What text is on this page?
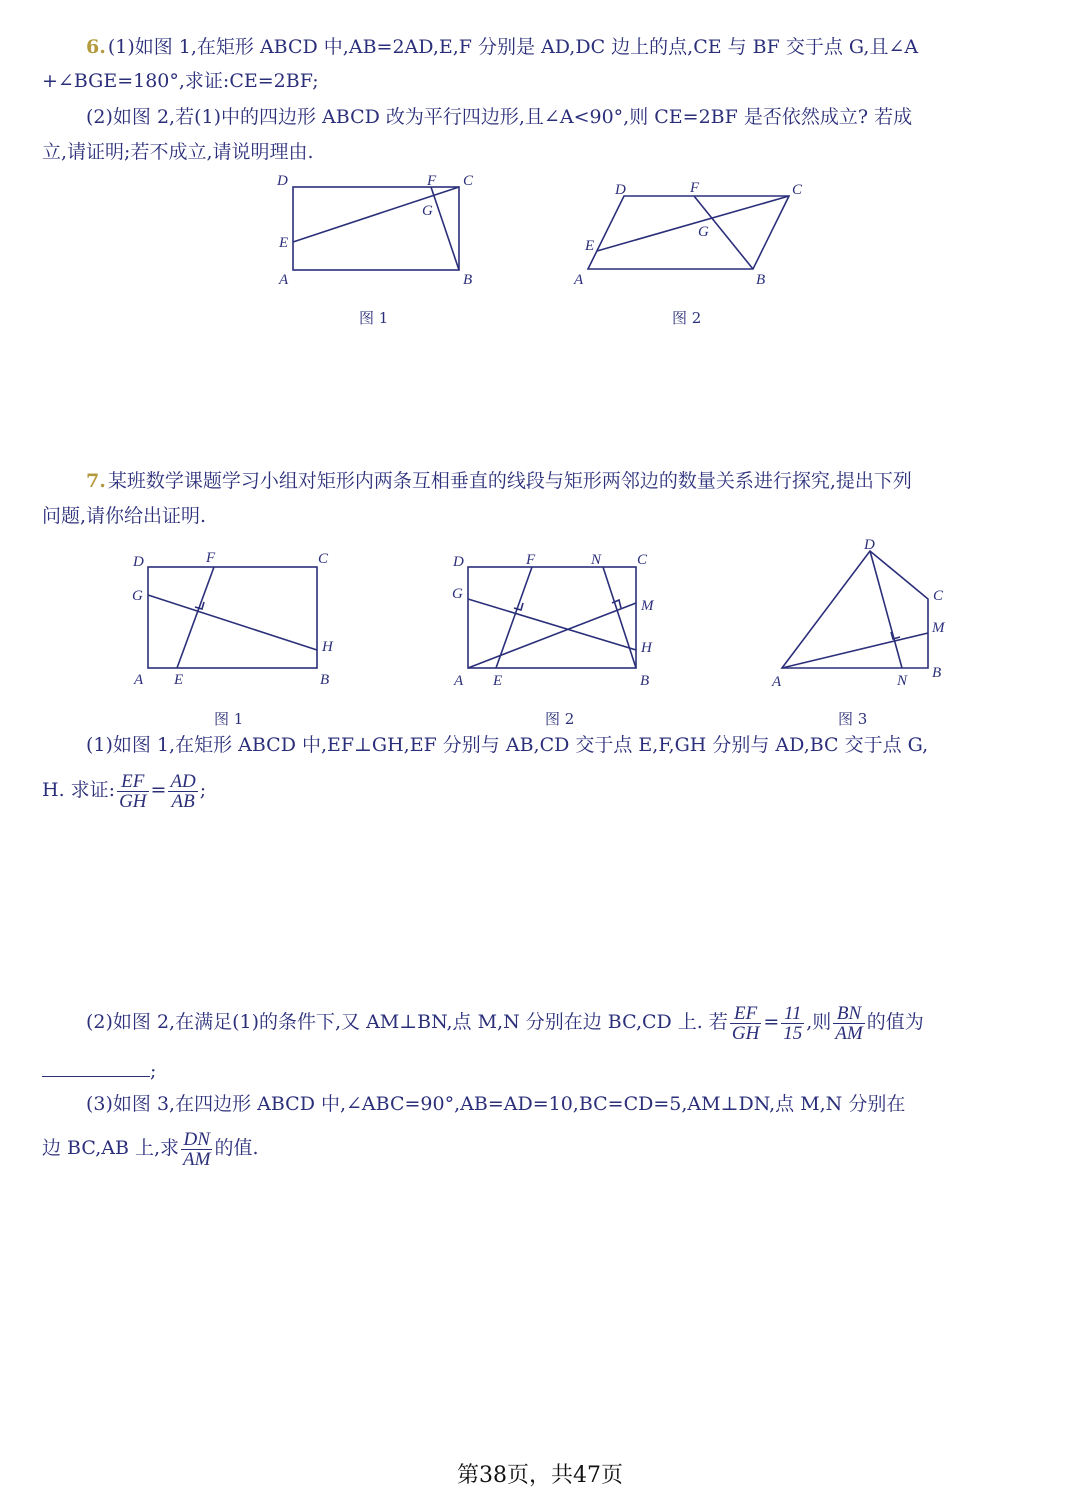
6. (1)如图 1,在矩形 ABCD 中,AB=2AD,E,F 分别是 AD,DC 边上的点,CE 与 BF 交于点 G,且∠A
+∠BGE=180°,求证:CE=2BF;
(2)如图 2,若(1)中的四边形 ABCD 改为平行四边形,且∠A<90°,则 CE=2BF 是否依然成立? 若成
立,请证明;若不成立,请说明理由.
D	F C
G
E
A	B
图 1
D	F	C
G
E
A	B
图 2
7. 某班数学课题学习小组对矩形内两条互相垂直的线段与矩形两邻边的数量关系进行探究,提出下列
问题,请你给出证明.
D	F	C
G
H
A E	B
图 1
D	F	N C
G
M
H
A E	B
图 2
D
C
M
A	N B
图 3
(1)如图 1,在矩形 ABCD 中,EF⊥GH,EF 分别与 AB,CD 交于点 E,F,GH 分别与 AD,BC 交于点 G,
H. 求证: $\frac{EF}{GH} = \frac{AD}{AB}$ ;
(2)如图 2,在满足(1)的条件下,又 AM⊥BN,点 M,N 分别在边 BC,CD 上. 若 $\frac{EF}{GH} = \frac{11}{15}$ ,则 $\frac{BN}{AM}$ 的值为
;
(3)如图 3,在四边形 ABCD 中,∠ABC=90°,AB=AD=10,BC=CD=5,AM⊥DN,点 M,N 分别在
边 BC,AB 上,求 $\frac{DN}{AM}$ 的值.
第38页，共47页
